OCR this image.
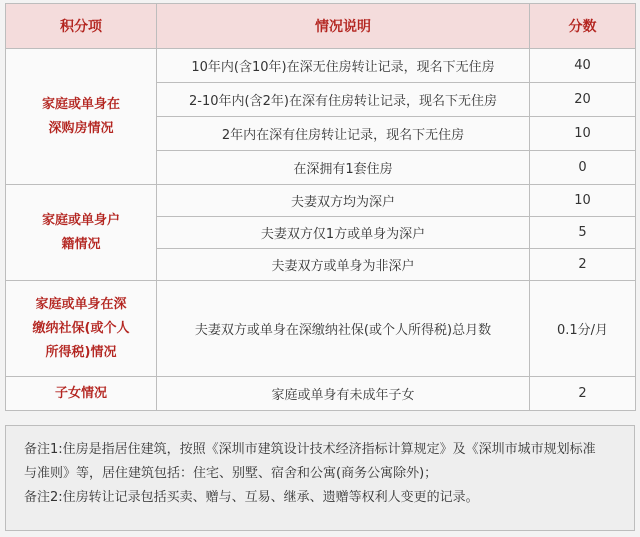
积分项	情况说明	分数

家庭或单身在
深购房情况	10年内(含10年)在深无住房转让记录，现名下无住房	40
	2-10年内(含2年)在深有住房转让记录，现名下无住房	20
	2年内在深有住房转让记录，现名下无住房	10
	在深拥有1套住房	0

家庭或单身户
籍情况	夫妻双方均为深户	10
	夫妻双方仅1方或单身为深户	5
	夫妻双方或单身为非深户	2

家庭或单身在深
缴纳社保(或个人
所得税)情况	夫妻双方或单身在深缴纳社保(或个人所得税)总月数	0.1分/月

子女情况	家庭或单身有未成年子女	2

备注1:住房是指居住建筑，按照《深圳市建筑设计技术经济指标计算规定》及《深圳市城市规划标准

与准则》等，居住建筑包括：住宅、别墅、宿舍和公寓(商务公寓除外)；

备注2:住房转让记录包括买卖、赠与、互易、继承、遗赠等权利人变更的记录。
